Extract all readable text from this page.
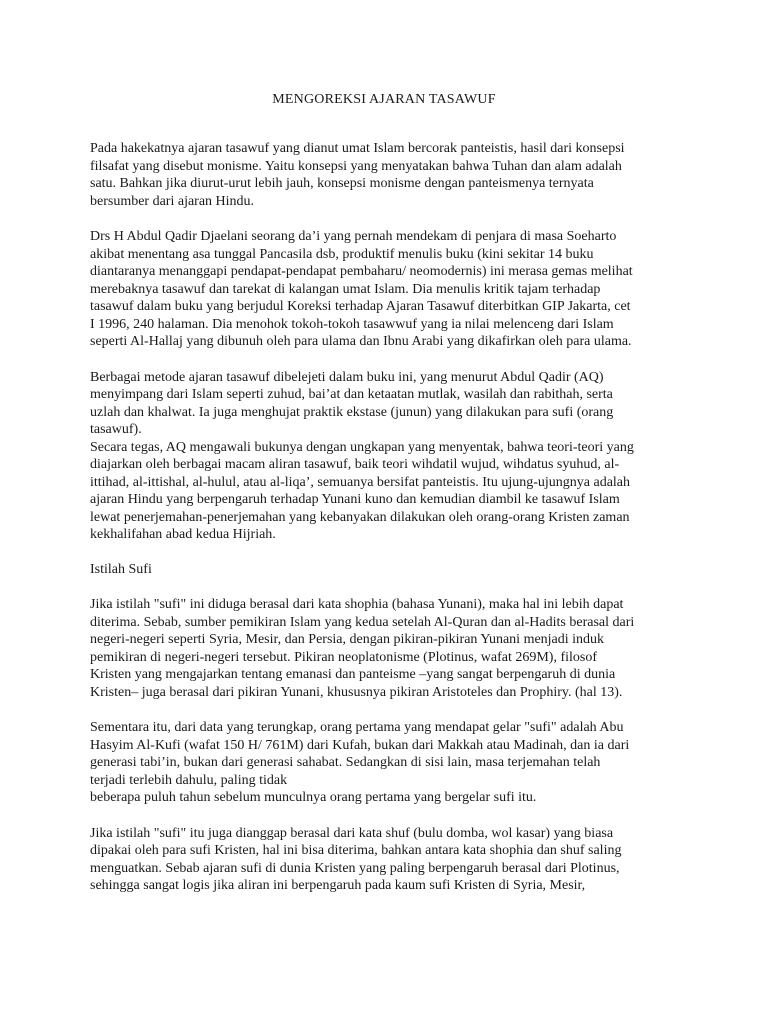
MENGOREKSI AJARAN TASAWUF

Pada hakekatnya ajaran tasawuf yang dianut umat Islam bercorak panteistis, hasil dari konsepsi
filsafat yang disebut monisme. Yaitu konsepsi yang menyatakan bahwa Tuhan dan alam adalah
satu. Bahkan jika diurut-urut lebih jauh, konsepsi monisme dengan panteismenya ternyata
bersumber dari ajaran Hindu.

Drs H Abdul Qadir Djaelani seorang da’i yang pernah mendekam di penjara di masa Soeharto
akibat menentang asa tunggal Pancasila dsb, produktif menulis buku (kini sekitar 14 buku
diantaranya menanggapi pendapat-pendapat pembaharu/ neomodernis) ini merasa gemas melihat
merebaknya tasawuf dan tarekat di kalangan umat Islam. Dia menulis kritik tajam terhadap
tasawuf dalam buku yang berjudul Koreksi terhadap Ajaran Tasawuf diterbitkan GIP Jakarta, cet
I 1996, 240 halaman. Dia menohok tokoh-tokoh tasawwuf yang ia nilai melenceng dari Islam
seperti Al-Hallaj yang dibunuh oleh para ulama dan Ibnu Arabi yang dikafirkan oleh para ulama.

Berbagai metode ajaran tasawuf dibelejeti dalam buku ini, yang menurut Abdul Qadir (AQ)
menyimpang dari Islam seperti zuhud, bai’at dan ketaatan mutlak, wasilah dan rabithah, serta
uzlah dan khalwat. Ia juga menghujat praktik ekstase (junun) yang dilakukan para sufi (orang
tasawuf).

Secara tegas, AQ mengawali bukunya dengan ungkapan yang menyentak, bahwa teori-teori yang
diajarkan oleh berbagai macam aliran tasawuf, baik teori wihdatil wujud, wihdatus syuhud, al-
ittihad, al-ittishal, al-hulul, atau al-liqa’, semuanya bersifat panteistis. Itu ujung-ujungnya adalah
ajaran Hindu yang berpengaruh terhadap Yunani kuno dan kemudian diambil ke tasawuf Islam
lewat penerjemahan-penerjemahan yang kebanyakan dilakukan oleh orang-orang Kristen zaman
kekhalifahan abad kedua Hijriah.

Istilah Sufi

Jika istilah "sufi" ini diduga berasal dari kata shophia (bahasa Yunani), maka hal ini lebih dapat
diterima. Sebab, sumber pemikiran Islam yang kedua setelah Al-Quran dan al-Hadits berasal dari
negeri-negeri seperti Syria, Mesir, dan Persia, dengan pikiran-pikiran Yunani menjadi induk
pemikiran di negeri-negeri tersebut. Pikiran neoplatonisme (Plotinus, wafat 269M), filosof
Kristen yang mengajarkan tentang emanasi dan panteisme –yang sangat berpengaruh di dunia
Kristen– juga berasal dari pikiran Yunani, khususnya pikiran Aristoteles dan Prophiry. (hal 13).

Sementara itu, dari data yang terungkap, orang pertama yang mendapat gelar "sufi" adalah Abu
Hasyim Al-Kufi (wafat 150 H/ 761M) dari Kufah, bukan dari Makkah atau Madinah, dan ia dari
generasi tabi’in, bukan dari generasi sahabat. Sedangkan di sisi lain, masa terjemahan telah
terjadi terlebih dahulu, paling tidak
beberapa puluh tahun sebelum munculnya orang pertama yang bergelar sufi itu.

Jika istilah "sufi" itu juga dianggap berasal dari kata shuf (bulu domba, wol kasar) yang biasa
dipakai oleh para sufi Kristen, hal ini bisa diterima, bahkan antara kata shophia dan shuf saling
menguatkan. Sebab ajaran sufi di dunia Kristen yang paling berpengaruh berasal dari Plotinus,
sehingga sangat logis jika aliran ini berpengaruh pada kaum sufi Kristen di Syria, Mesir,
